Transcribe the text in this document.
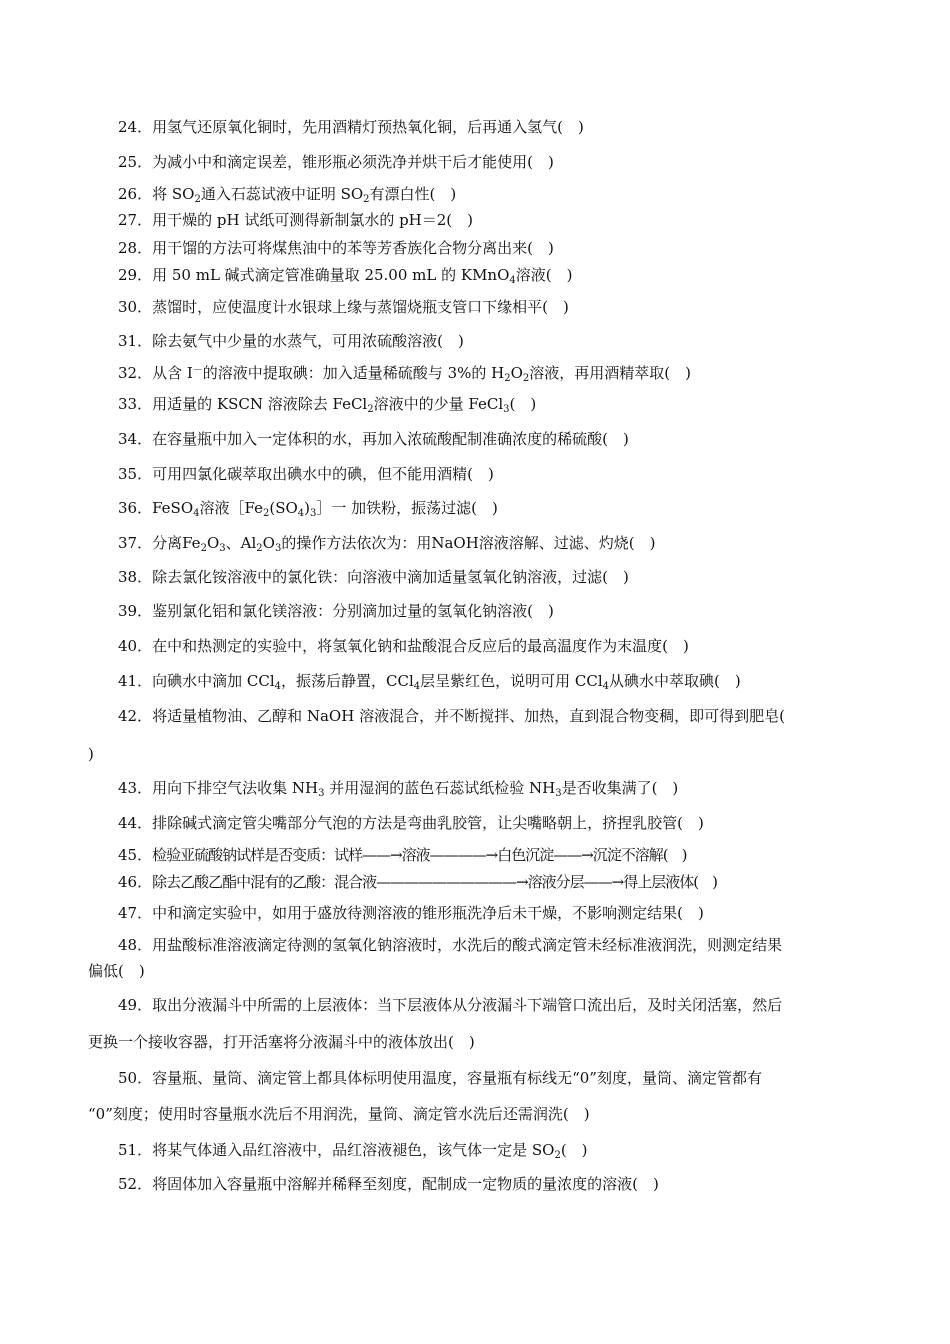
24．用氢气还原氧化铜时，先用酒精灯预热氧化铜，后再通入氢气(　)
25．为减小中和滴定误差，锥形瓶必须洗净并烘干后才能使用(　)
26．将 $SO_2$通入石蕊试液中证明 $SO_2$有漂白性(　)
27．用干燥的 pH 试纸可测得新制氯水的 pH＝2(　)
28．用干馏的方法可将煤焦油中的苯等芳香族化合物分离出来(　)
29．用 50 mL 碱式滴定管准确量取 25.00 mL 的 KMnO$_4$溶液(　)
30．蒸馏时，应使温度计水银球上缘与蒸馏烧瓶支管口下缘相平(　)
31．除去氨气中少量的水蒸气，可用浓硫酸溶液(　)
32．从含 I－的溶液中提取碘：加入适量稀硫酸与 3%的 $H_2O_2$溶液，再用酒精萃取(　)
33．用适量的 KSCN 溶液除去 FeCl$_2$溶液中的少量 FeCl$_3$(　)
34．在容量瓶中加入一定体积的水，再加入浓硫酸配制准确浓度的稀硫酸(　)
35．可用四氯化碳萃取出碘水中的碘，但不能用酒精(　)
36．FeSO$_4$溶液$[Fe_2(SO_4)_3]$一 加铁粉，振荡过滤(　)
37．分离$Fe_2O_3$、$Al_2O_3$的操作方法依次为：用NaOH溶液溶解、过滤、灼烧(　)
38．除去氯化铵溶液中的氯化铁：向溶液中滴加适量氢氧化钠溶液，过滤(　)
39．鉴别氯化铝和氯化镁溶液：分别滴加过量的氢氧化钠溶液(　)
40．在中和热测定的实验中，将氢氧化钠和盐酸混合反应后的最高温度作为末温度(　)
41．向碘水中滴加 CCl$_4$，振荡后静置，CCl$_4$层呈紫红色，说明可用 CCl$_4$从碘水中萃取碘(　)
42．将适量植物油、乙醇和 NaOH 溶液混合，并不断搅拌、加热，直到混合物变稠，即可得到肥皂(
)
43．用向下排空气法收集 $NH_3$ 并用湿润的蓝色石蕊试纸检验 $NH_3$是否收集满了(　)
44．排除碱式滴定管尖嘴部分气泡的方法是弯曲乳胶管，让尖嘴略朝上，挤捏乳胶管(　)
45．检验亚硫酸钠试样是否变质：试样——→溶液————→白色沉淀——→沉淀不溶解(　)
46．除去乙酸乙酯中混有的乙酸：混合液——————————→溶液分层——→得上层液体(　)
47．中和滴定实验中，如用于盛放待测溶液的锥形瓶洗净后未干燥，不影响测定结果(　)
48．用盐酸标准溶液滴定待测的氢氧化钠溶液时，水洗后的酸式滴定管未经标准液润洗，则测定结果
偏低(　)
49．取出分液漏斗中所需的上层液体：当下层液体从分液漏斗下端管口流出后，及时关闭活塞，然后
更换一个接收容器，打开活塞将分液漏斗中的液体放出(　)
50．容量瓶、量筒、滴定管上都具体标明使用温度，容量瓶有标线无“0”刻度，量筒、滴定管都有
“0”刻度；使用时容量瓶水洗后不用润洗，量筒、滴定管水洗后还需润洗(　)
51．将某气体通入品红溶液中，品红溶液褪色，该气体一定是 $SO_2$(　)
52．将固体加入容量瓶中溶解并稀释至刻度，配制成一定物质的量浓度的溶液(　)
